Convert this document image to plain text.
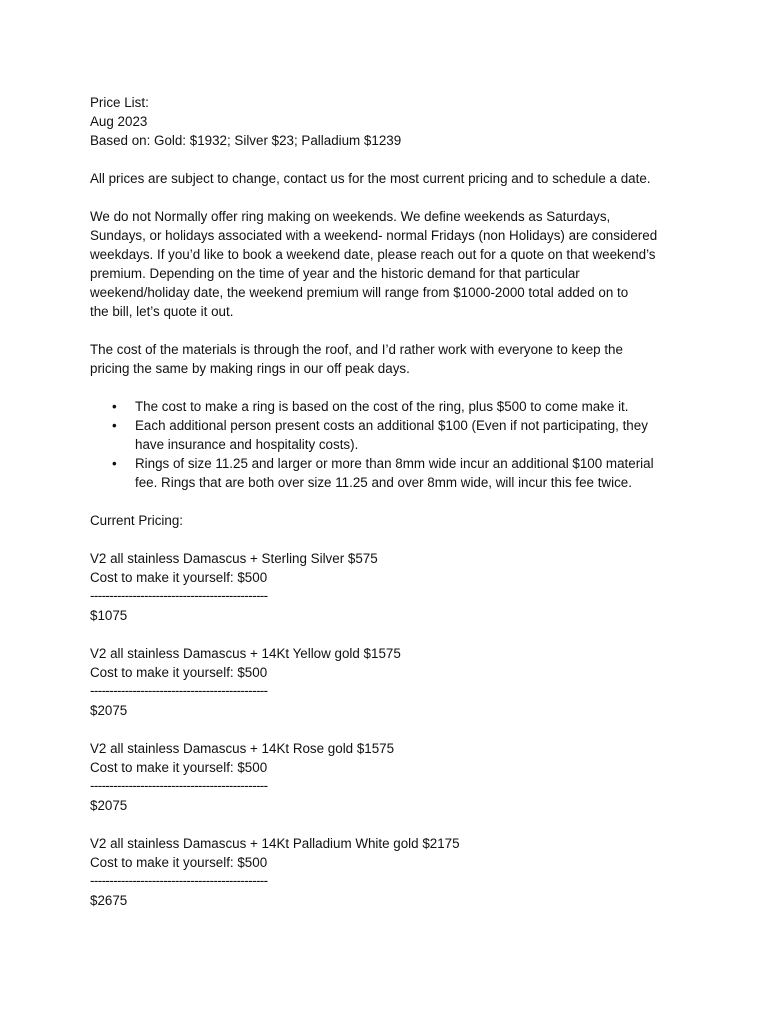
Price List:
Aug 2023
Based on: Gold: $1932; Silver $23; Palladium $1239
All prices are subject to change, contact us for the most current pricing and to schedule a date.
We do not Normally offer ring making on weekends. We define weekends as Saturdays,
Sundays, or holidays associated with a weekend- normal Fridays (non Holidays) are considered
weekdays. If you’d like to book a weekend date, please reach out for a quote on that weekend’s
premium. Depending on the time of year and the historic demand for that particular
weekend/holiday date, the weekend premium will range from $1000-2000 total added on to
the bill, let’s quote it out.
The cost of the materials is through the roof, and I’d rather work with everyone to keep the
pricing the same by making rings in our off peak days.
• The cost to make a ring is based on the cost of the ring, plus $500 to come make it.
• Each additional person present costs an additional $100 (Even if not participating, they
have insurance and hospitality costs).
• Rings of size 11.25 and larger or more than 8mm wide incur an additional $100 material
fee. Rings that are both over size 11.25 and over 8mm wide, will incur this fee twice.
Current Pricing:
V2 all stainless Damascus + Sterling Silver $575
Cost to make it yourself: $500
----------------------------------------------
$1075
V2 all stainless Damascus + 14Kt Yellow gold $1575
Cost to make it yourself: $500
----------------------------------------------
$2075
V2 all stainless Damascus + 14Kt Rose gold $1575
Cost to make it yourself: $500
----------------------------------------------
$2075
V2 all stainless Damascus + 14Kt Palladium White gold $2175
Cost to make it yourself: $500
----------------------------------------------
$2675
